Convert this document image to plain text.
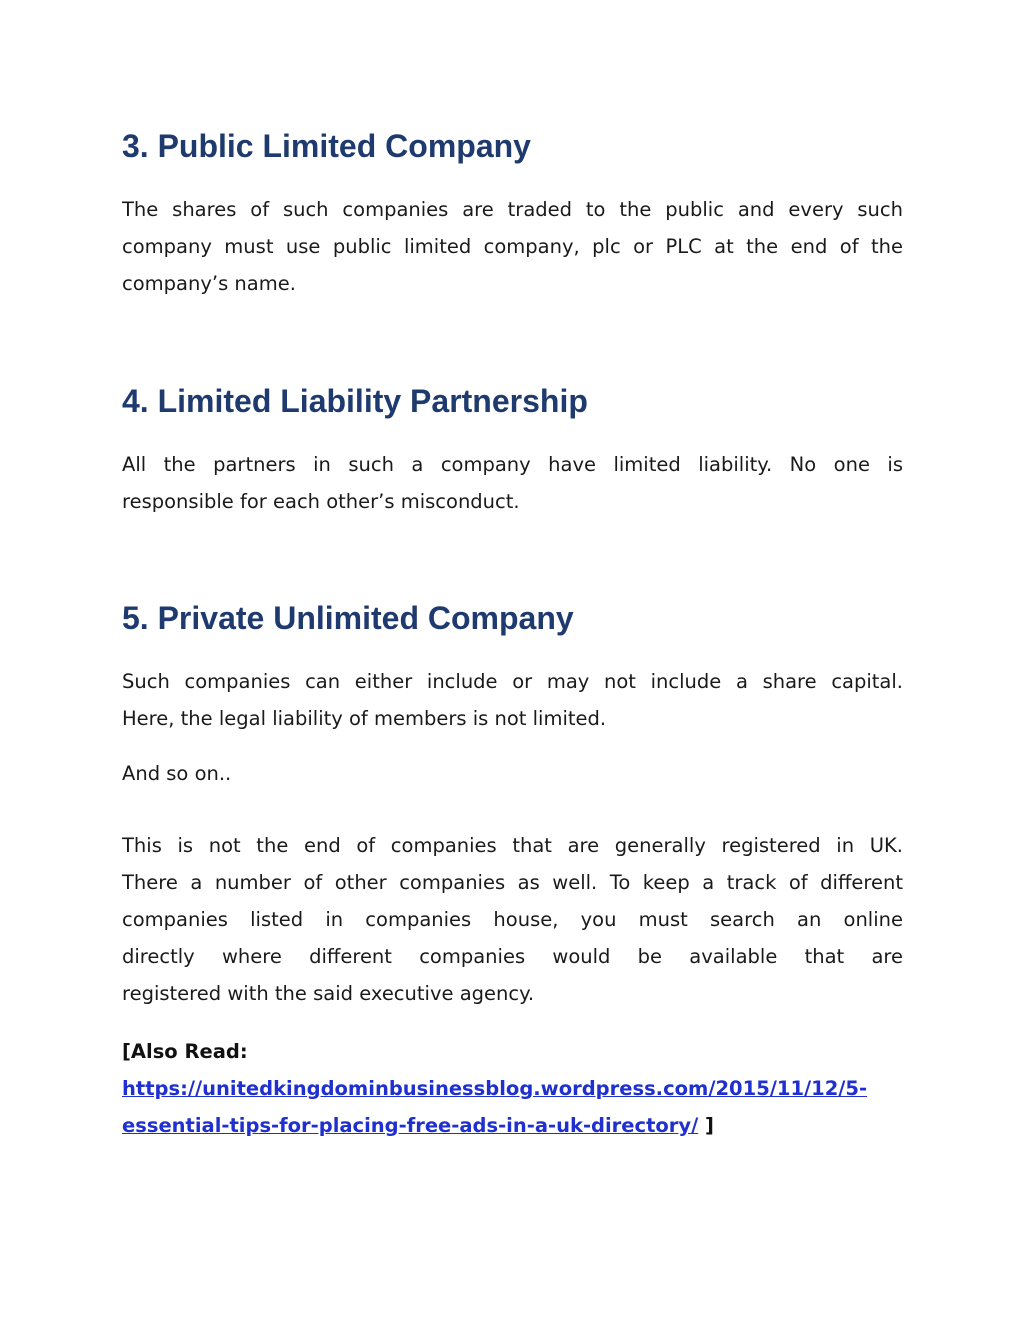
3. Public Limited Company
The shares of such companies are traded to the public and every such
company must use public limited company, plc or PLC at the end of the
company’s name.
4. Limited Liability Partnership
All the partners in such a company have limited liability. No one is
responsible for each other’s misconduct.
5. Private Unlimited Company
Such companies can either include or may not include a share capital.
Here, the legal liability of members is not limited.
And so on..
This is not the end of companies that are generally registered in UK.
There a number of other companies as well. To keep a track of different
companies listed in companies house, you must search an online
directly where different companies would be available that are
registered with the said executive agency.
[Also Read:
https://unitedkingdominbusinessblog.wordpress.com/2015/11/12/5-
essential-tips-for-placing-free-ads-in-a-uk-directory/ ]
